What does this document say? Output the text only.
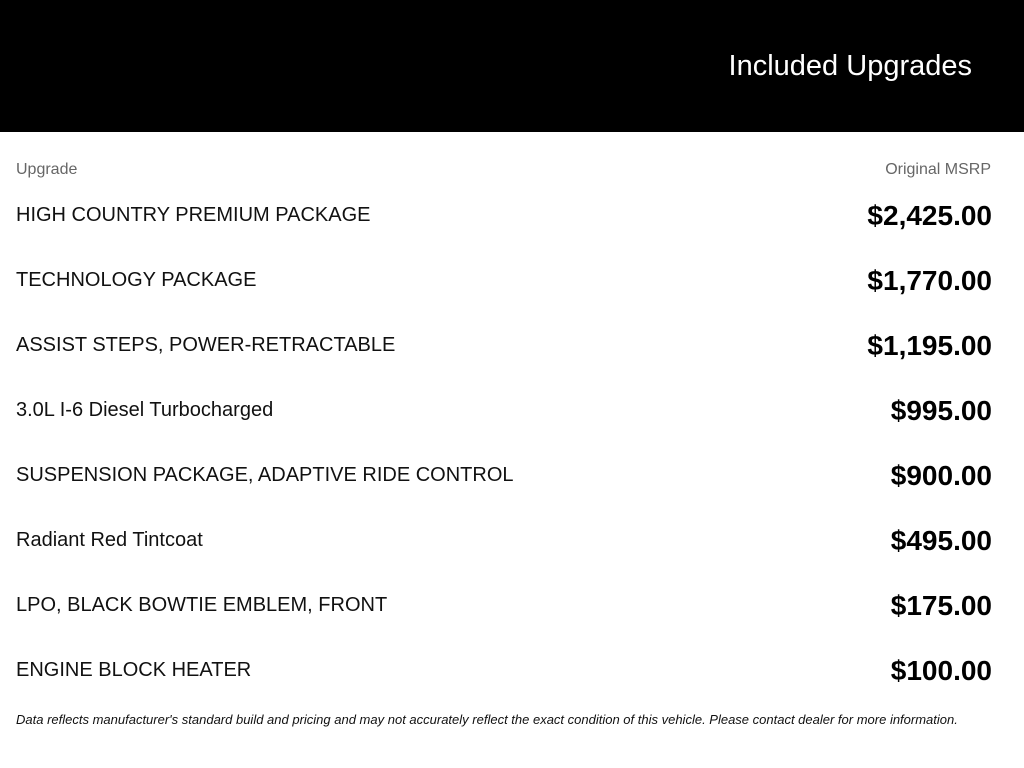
Included Upgrades
Upgrade	Original MSRP
HIGH COUNTRY PREMIUM PACKAGE	$2,425.00
TECHNOLOGY PACKAGE	$1,770.00
ASSIST STEPS, POWER-RETRACTABLE	$1,195.00
3.0L I-6 Diesel Turbocharged	$995.00
SUSPENSION PACKAGE, ADAPTIVE RIDE CONTROL	$900.00
Radiant Red Tintcoat	$495.00
LPO, BLACK BOWTIE EMBLEM, FRONT	$175.00
ENGINE BLOCK HEATER	$100.00

Data reflects manufacturer's standard build and pricing and may not accurately reflect the exact condition of this vehicle. Please contact dealer for more information.
